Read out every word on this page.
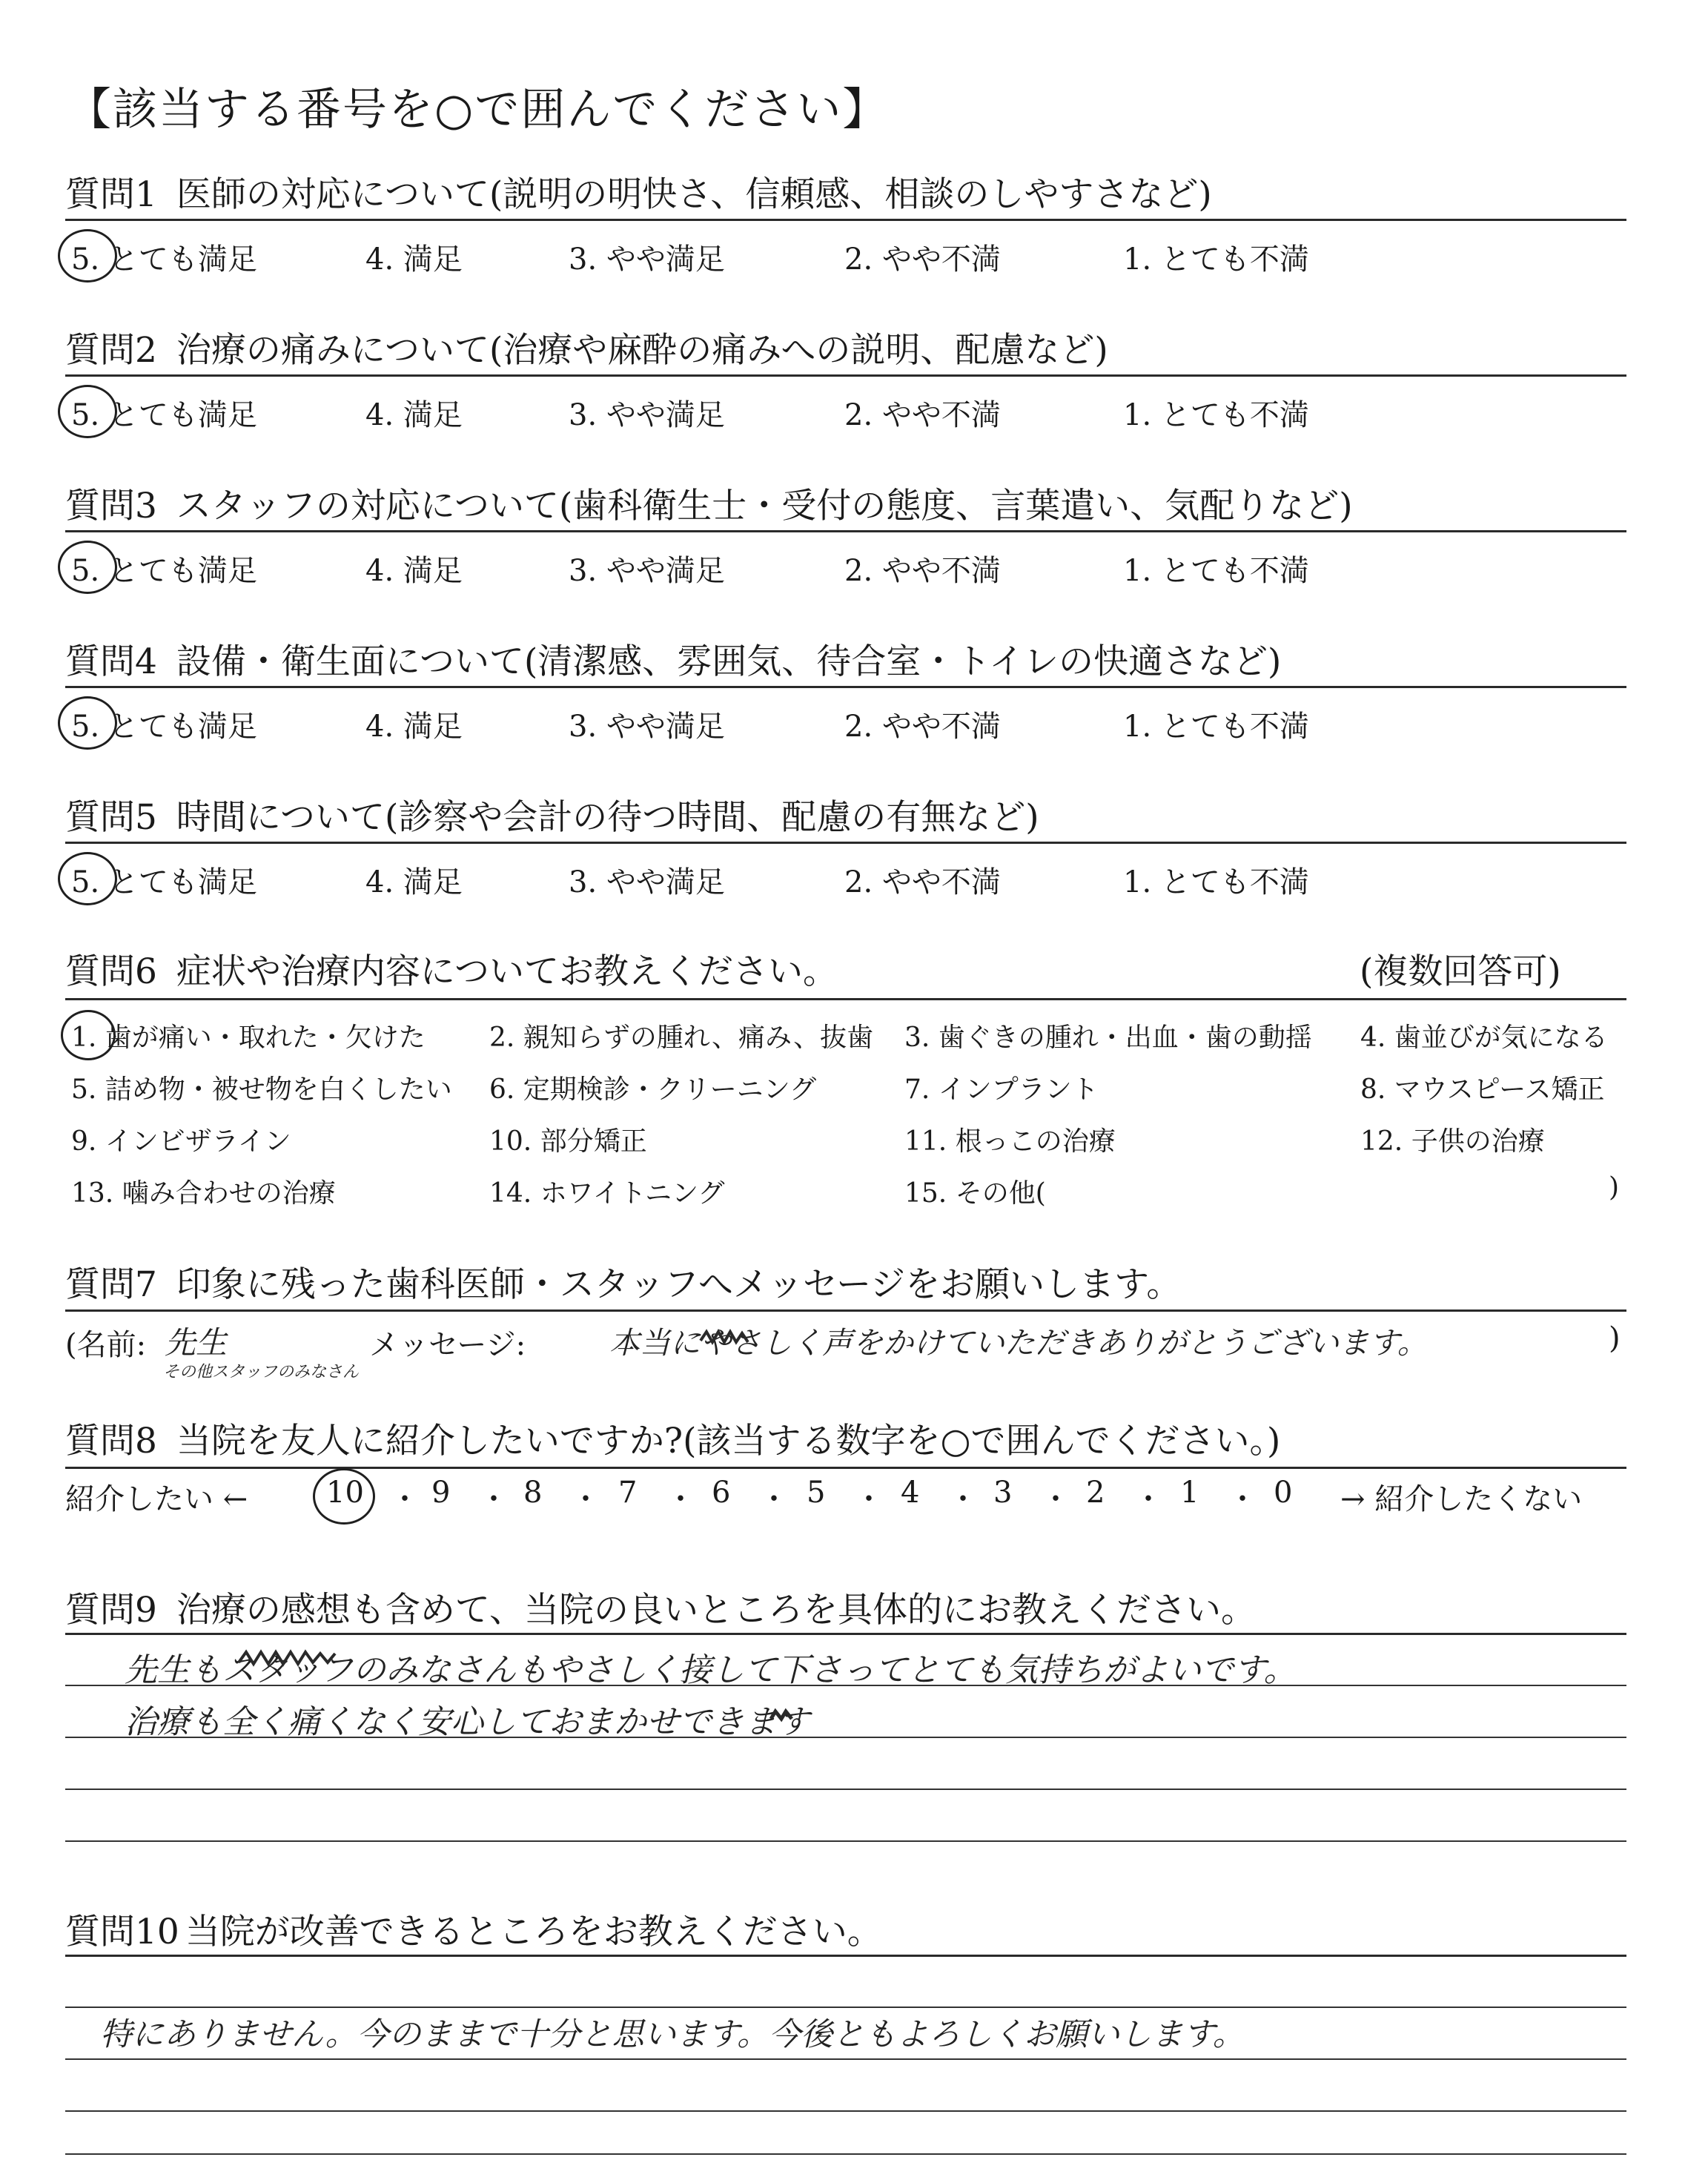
【該当する番号を○で囲んでください】
質問1 医師の対応について(説明の明快さ、信頼感、相談のしやすさなど)
5. とても満足	4. 満足	3. やや満足	2. やや不満	1. とても不満
質問2 治療の痛みについて(治療や麻酔の痛みへの説明、配慮など)
5. とても満足	4. 満足	3. やや満足	2. やや不満	1. とても不満
質問3 スタッフの対応について(歯科衛生士・受付の態度、言葉遣い、気配りなど)
5. とても満足	4. 満足	3. やや満足	2. やや不満	1. とても不満
質問4 設備・衛生面について(清潔感、雰囲気、待合室・トイレの快適さなど)
5. とても満足	4. 満足	3. やや満足	2. やや不満	1. とても不満
質問5 時間について(診察や会計の待つ時間、配慮の有無など)
5. とても満足	4. 満足	3. やや満足	2. やや不満	1. とても不満
質問6 症状や治療内容についてお教えください。	(複数回答可)
1. 歯が痛い・取れた・欠けた 2. 親知らずの腫れ、痛み、抜歯 3. 歯ぐきの腫れ・出血・歯の動揺 4. 歯並びが気になる
5. 詰め物・被せ物を白くしたい 6. 定期検診・クリーニング	7. インプラント	8. マウスピース矯正
9. インビザライン	10. 部分矯正	11. 根っこの治療	12. 子供の治療
13. 噛み合わせの治療	14. ホワイトニング	15. その他(	)
質問7 印象に残った歯科医師・スタッフへメッセージをお願いします。
(名前: 先生
その他スタッフのみなさん
メッセージ:	本当にやさしく声をかけていただきありがとうございます。	)
質問8 当院を友人に紹介したいですか?(該当する数字を○で囲んでください。)
紹介したい ←	→ 紹介したくない
10 ・ 9 ・ 8 ・ 7 ・ 6 ・ 5 ・ 4 ・ 3 ・ 2 ・ 1 ・ 0
質問9 治療の感想も含めて、当院の良いところを具体的にお教えください。
先生もスタッフのみなさんもやさしく接して下さってとても気持ちがよいです。
治療も全く痛くなく安心しておまかせできます
質問10 当院が改善できるところをお教えください。
特にありません。今のままで十分と思います。今後ともよろしくお願いします。
